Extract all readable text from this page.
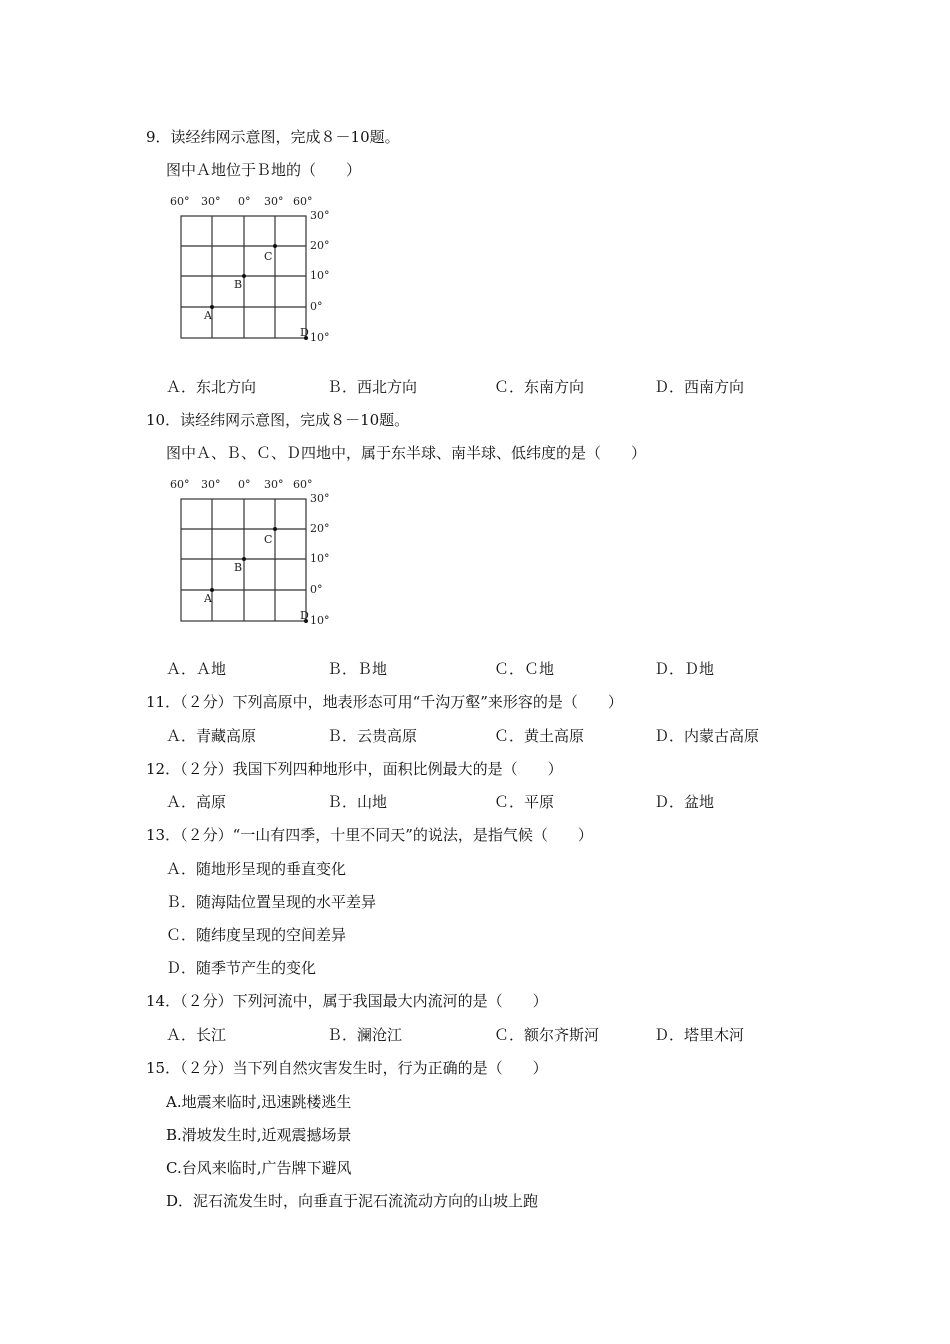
9．读经纬网示意图，完成８－10题。
图中Ａ地位于Ｂ地的（　　）
60° 30° 0° 30° 60°
30°
20°
10°
0°
10°
A
B
C
D
Ａ．东北方向	Ｂ．西北方向	Ｃ．东南方向	Ｄ．西南方向
10．读经纬网示意图，完成８－10题。
图中Ａ、Ｂ、Ｃ、Ｄ四地中，属于东半球、南半球、低纬度的是（　　）
60° 30° 0° 30° 60°
30°
20°
10°
0°
10°
A
B
C
D
Ａ．Ａ地	Ｂ．Ｂ地	Ｃ．Ｃ地	Ｄ．Ｄ地
11．（２分）下列高原中，地表形态可用“千沟万壑”来形容的是（　　）
Ａ．青藏高原	Ｂ．云贵高原	Ｃ．黄土高原	Ｄ．内蒙古高原
12．（２分）我国下列四种地形中，面积比例最大的是（　　）
Ａ．高原	Ｂ．山地	Ｃ．平原	Ｄ．盆地
13．（２分）“一山有四季，十里不同天”的说法，是指气候（　　）
Ａ．随地形呈现的垂直变化
Ｂ．随海陆位置呈现的水平差异
Ｃ．随纬度呈现的空间差异
Ｄ．随季节产生的变化
14．（２分）下列河流中，属于我国最大内流河的是（　　）
Ａ．长江	Ｂ．澜沧江	Ｃ．额尔齐斯河	Ｄ．塔里木河
15．（２分）当下列自然灾害发生时，行为正确的是（　　）
A.地震来临时,迅速跳楼逃生
B.滑坡发生时,近观震撼场景
C.台风来临时,广告牌下避风
D．泥石流发生时，向垂直于泥石流流动方向的山坡上跑
